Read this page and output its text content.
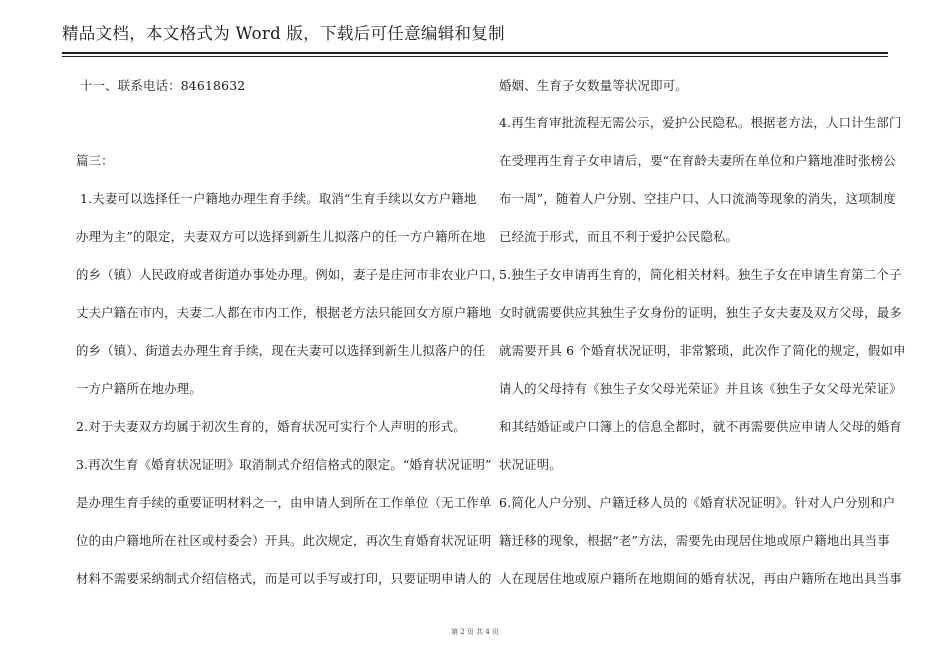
精品文档，本文格式为 Word 版，下载后可任意编辑和复制
十一、联系电话：84618632
篇三：
1.夫妻可以选择任一户籍地办理生育手续。取消“生育手续以女方户籍地
办理为主”的限定，夫妻双方可以选择到新生儿拟落户的任一方户籍所在地
的乡（镇）人民政府或者街道办事处办理。例如，妻子是庄河市非农业户口，
丈夫户籍在市内，夫妻二人都在市内工作，根据老方法只能回女方原户籍地
的乡（镇）、街道去办理生育手续，现在夫妻可以选择到新生儿拟落户的任
一方户籍所在地办理。
2.对于夫妻双方均属于初次生育的，婚育状况可实行个人声明的形式。
3.再次生育《婚育状况证明》取消制式介绍信格式的限定。“婚育状况证明”
是办理生育手续的重要证明材料之一，由申请人到所在工作单位（无工作单
位的由户籍地所在社区或村委会）开具。此次规定，再次生育婚育状况证明
材料不需要采纳制式介绍信格式，而是可以手写或打印，只要证明申请人的
婚姻、生育子女数量等状况即可。
4.再生育审批流程无需公示，爱护公民隐私。根据老方法，人口计生部门
在受理再生育子女申请后，要“在育龄夫妻所在单位和户籍地准时张榜公
布一周”，随着人户分别、空挂户口、人口流淌等现象的消失，这项制度
已经流于形式，而且不利于爱护公民隐私。
5.独生子女申请再生育的，简化相关材料。独生子女在申请生育第二个子
女时就需要供应其独生子女身份的证明，独生子女夫妻及双方父母，最多
就需要开具 6 个婚育状况证明，非常繁琐，此次作了简化的规定，假如申
请人的父母持有《独生子女父母光荣证》并且该《独生子女父母光荣证》
和其结婚证或户口簿上的信息全都时，就不再需要供应申请人父母的婚育
状况证明。
6.简化人户分别、户籍迁移人员的《婚育状况证明》。针对人户分别和户
籍迁移的现象，根据“老”方法，需要先由现居住地或原户籍地出具当事
人在现居住地或原户籍所在地期间的婚育状况，再由户籍所在地出具当事
第 2 页 共 4 页
